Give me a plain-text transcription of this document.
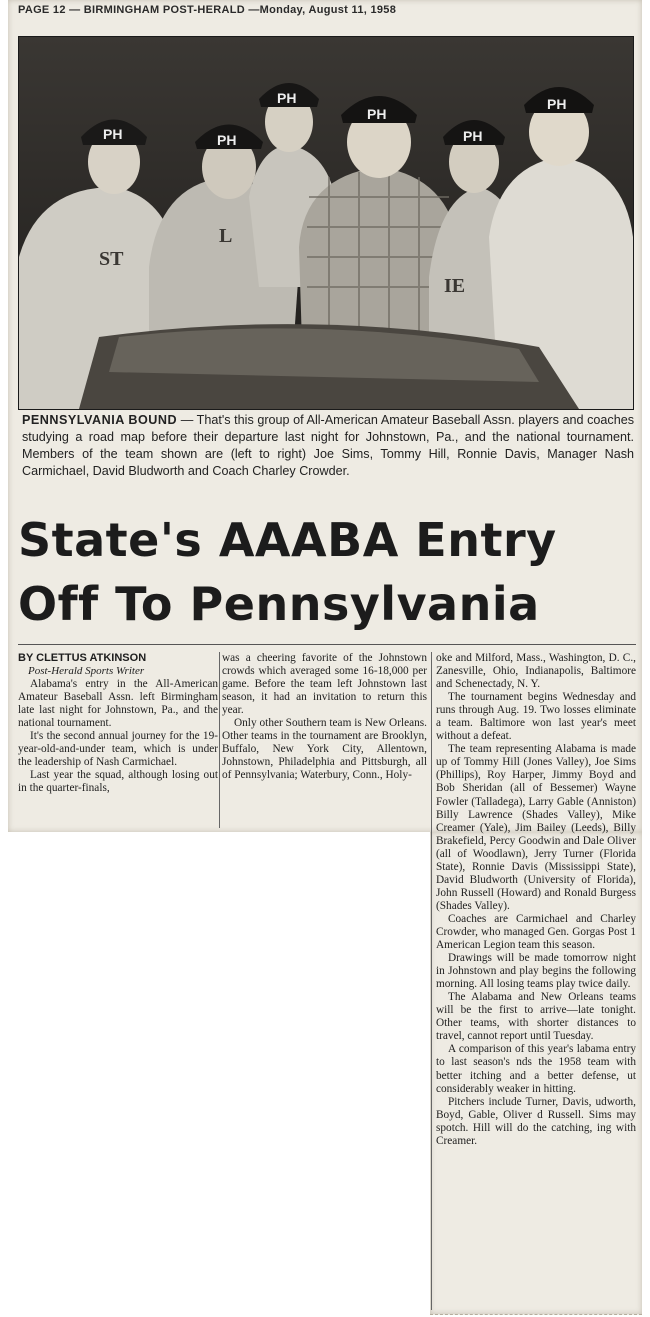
PAGE 12 — BIRMINGHAM POST-HERALD —Monday, August 11, 1958
PH	PH
PH
PH
PH
PH
ST
L
IE
PENNSYLVANIA BOUND — That's this group of All-American Amateur Baseball Assn. players and coaches studying a road map before their departure last night for Johnstown, Pa., and the national tournament. Members of the team shown are (left to right) Joe Sims, Tommy Hill, Ronnie Davis, Manager Nash Carmichael, David Bludworth and Coach Charley Crowder.
State's AAABA Entry
Off To Pennsylvania
BY CLETTUS ATKINSON
Post-Herald Sports Writer

Alabama's entry in the All-American Amateur Baseball Assn. left Birmingham late last night for Johnstown, Pa., and the national tournament.

It's the second annual journey for the 19-year-old-and-under team, which is under the leadership of Nash Carmichael.

Last year the squad, although losing out in the quarter-finals,

was a cheering favorite of the Johnstown crowds which averaged some 16-18,000 per game. Before the team left Johnstown last season, it had an invitation to return this year.

Only other Southern team is New Orleans. Other teams in the tournament are Brooklyn, Buffalo, New York City, Allentown, Johnstown, Philadelphia and Pittsburgh, all of Pennsylvania; Waterbury, Conn., Holy-

oke and Milford, Mass., Washington, D. C., Zanesville, Ohio, Indianapolis, Baltimore and Schenectady, N. Y.

The tournament begins Wednesday and runs through Aug. 19. Two losses eliminate a team. Baltimore won last year's meet without a defeat.

The team representing Alabama is made up of Tommy Hill (Jones Valley), Joe Sims (Phillips), Roy Harper, Jimmy Boyd and Bob Sheridan (all of Bessemer) Wayne Fowler (Talladega), Larry Gable (Anniston) Billy Lawrence (Shades Valley), Mike Creamer (Yale), Jim Bailey (Leeds), Billy Brakefield, Percy Goodwin and Dale Oliver (all of Woodlawn), Jerry Turner (Florida State), Ronnie Davis (Mississippi State), David Bludworth (University of Florida), John Russell (Howard) and Ronald Burgess (Shades Valley).

Coaches are Carmichael and Charley Crowder, who managed Gen. Gorgas Post 1 American Legion team this season.

Drawings will be made tomorrow night in Johnstown and play begins the following morning. All losing teams play twice daily.

The Alabama and New Orleans teams will be the first to arrive—late tonight. Other teams, with shorter distances to travel, cannot report until Tuesday.

A comparison of this year's labama entry to last season's nds the 1958 team with better itching and a better defense, ut considerably weaker in hitting.

Pitchers include Turner, Davis, udworth, Boyd, Gable, Oliver d Russell. Sims may spotch. Hill will do the catching, ing with Creamer.
